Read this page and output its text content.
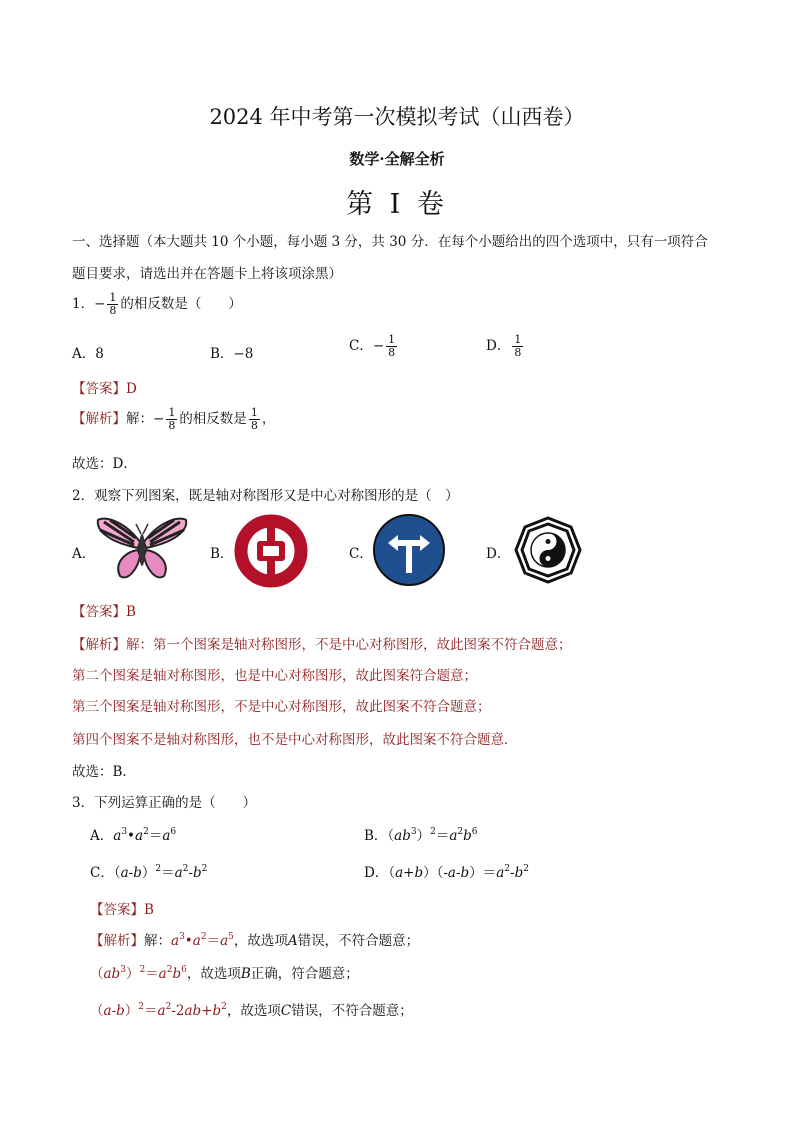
2024 年中考第一次模拟考试（山西卷）
数学·全解全析
第 I 卷
一、选择题（本大题共 10 个小题，每小题 3 分，共 30 分．在每个小题给出的四个选项中，只有一项符合
题目要求，请选出并在答题卡上将该项涂黑）
1．− $\frac{1}{8}$ 的相反数是（　　）
A．8	B．−8	C．− $\frac{1}{8}$	D． $\frac{1}{8}$
【答案】D
【解析】解：− $\frac{1}{8}$ 的相反数是 $\frac{1}{8}$ ，
故选：D．
2．观察下列图案，既是轴对称图形又是中心对称图形的是（　）
A．	B．	C．	D．
【答案】B
【解析】解：第一个图案是轴对称图形，不是中心对称图形，故此图案不符合题意；
第二个图案是轴对称图形，也是中心对称图形，故此图案符合题意；
第三个图案是轴对称图形，不是中心对称图形，故此图案不符合题意；
第四个图案不是轴对称图形，也不是中心对称图形，故此图案不符合题意．
故选：B．
3．下列运算正确的是（　　）
A．$a^3•a^2=a^6$	B．$(ab^3)^2=a^2b^6$
C．$(a-b)^2=a^2-b^2$	D．$(a+b)(-a-b)=a^2-b^2$
【答案】B
【解析】解：$a^3•a^2=a^5$，故选项A错误，不符合题意；
$(ab^3)^2=a^2b^6$，故选项B正确，符合题意；
$(a-b)^2=a^2-2ab+b^2$，故选项C错误，不符合题意；
